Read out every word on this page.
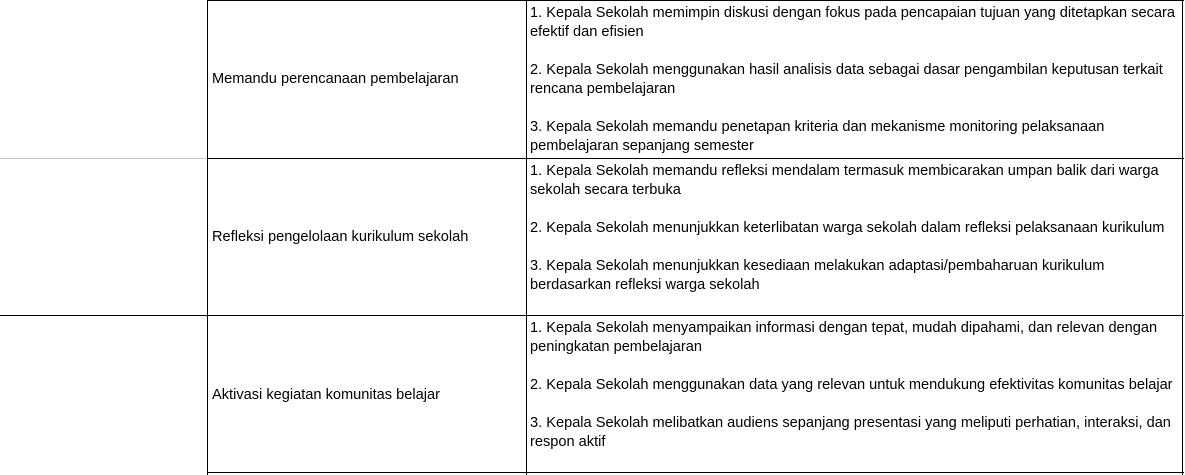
Memandu perencanaan pembelajaran

1. Kepala Sekolah memimpin diskusi dengan fokus pada pencapaian tujuan yang ditetapkan secara efektif dan efisien

2. Kepala Sekolah menggunakan hasil analisis data sebagai dasar pengambilan keputusan terkait rencana pembelajaran

3. Kepala Sekolah memandu penetapan kriteria dan mekanisme monitoring pelaksanaan pembelajaran sepanjang semester

Refleksi pengelolaan kurikulum sekolah

1. Kepala Sekolah memandu refleksi mendalam termasuk membicarakan umpan balik dari warga sekolah secara terbuka

2. Kepala Sekolah menunjukkan keterlibatan warga sekolah dalam refleksi pelaksanaan kurikulum

3. Kepala Sekolah menunjukkan kesediaan melakukan adaptasi/pembaharuan kurikulum berdasarkan refleksi warga sekolah

Aktivasi kegiatan komunitas belajar

1. Kepala Sekolah menyampaikan informasi dengan tepat, mudah dipahami, dan relevan dengan peningkatan pembelajaran

2. Kepala Sekolah menggunakan data yang relevan untuk mendukung efektivitas komunitas belajar

3. Kepala Sekolah melibatkan audiens sepanjang presentasi yang meliputi perhatian, interaksi, dan respon aktif
